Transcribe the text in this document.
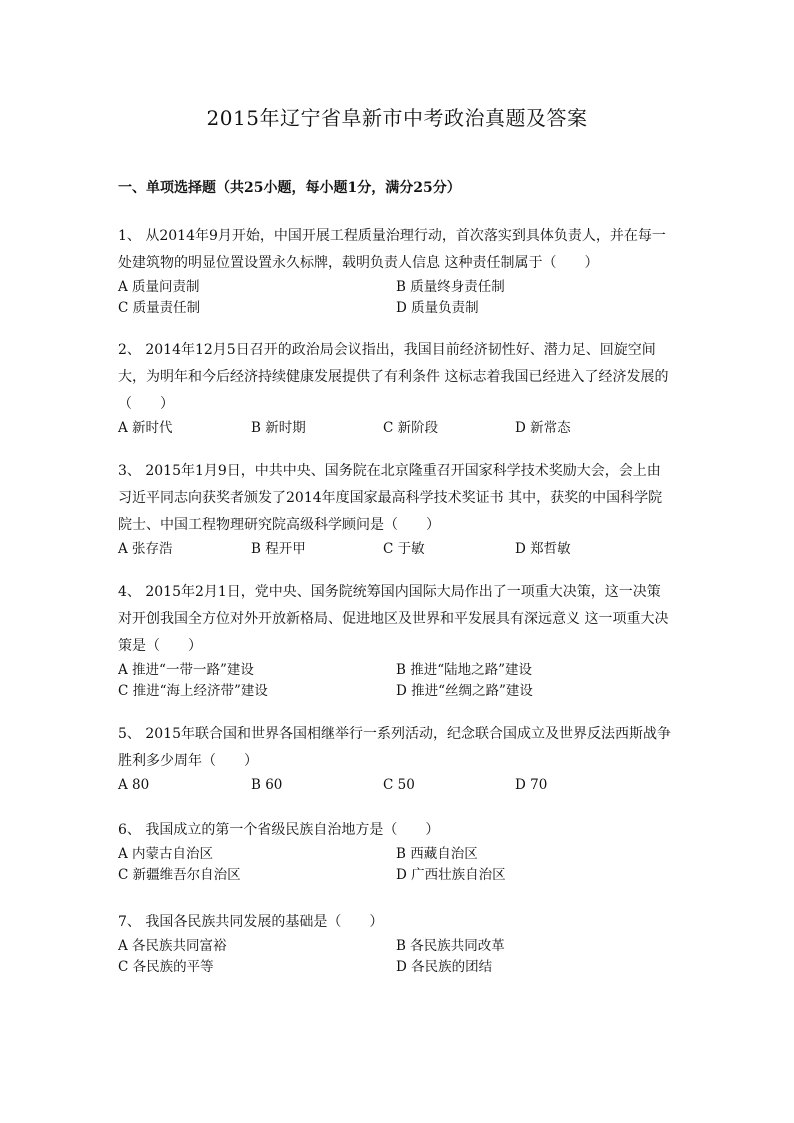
2015年辽宁省阜新市中考政治真题及答案
一、单项选择题（共25小题，每小题1分，满分25分）
1、 从2014年9月开始，中国开展工程质量治理行动，首次落实到具体负责人，并在每一
处建筑物的明显位置设置永久标牌，载明负责人信息 这种责任制属于（　　）
A 质量问责制	B 质量终身责任制
C 质量责任制	D 质量负责制
2、 2014年12月5日召开的政治局会议指出，我国目前经济韧性好、潜力足、回旋空间
大，为明年和今后经济持续健康发展提供了有利条件 这标志着我国已经进入了经济发展的
（　　）
A 新时代	B 新时期	C 新阶段	D 新常态
3、 2015年1月9日，中共中央、国务院在北京隆重召开国家科学技术奖励大会，会上由
习近平同志向获奖者颁发了2014年度国家最高科学技术奖证书 其中，获奖的中国科学院
院士、中国工程物理研究院高级科学顾问是（　　）
A 张存浩	B 程开甲	C 于敏	D 郑哲敏
4、 2015年2月1日，党中央、国务院统筹国内国际大局作出了一项重大决策，这一决策
对开创我国全方位对外开放新格局、促进地区及世界和平发展具有深远意义 这一项重大决
策是（　　）
A 推进“一带一路”建设	B 推进“陆地之路”建设
C 推进“海上经济带”建设	D 推进“丝绸之路”建设
5、 2015年联合国和世界各国相继举行一系列活动，纪念联合国成立及世界反法西斯战争
胜利多少周年（　　）
A 80	B 60	C 50	D 70
6、 我国成立的第一个省级民族自治地方是（　　）
A 内蒙古自治区	B 西藏自治区
C 新疆维吾尔自治区	D 广西壮族自治区
7、 我国各民族共同发展的基础是（　　）
A 各民族共同富裕	B 各民族共同改革
C 各民族的平等	D 各民族的团结
